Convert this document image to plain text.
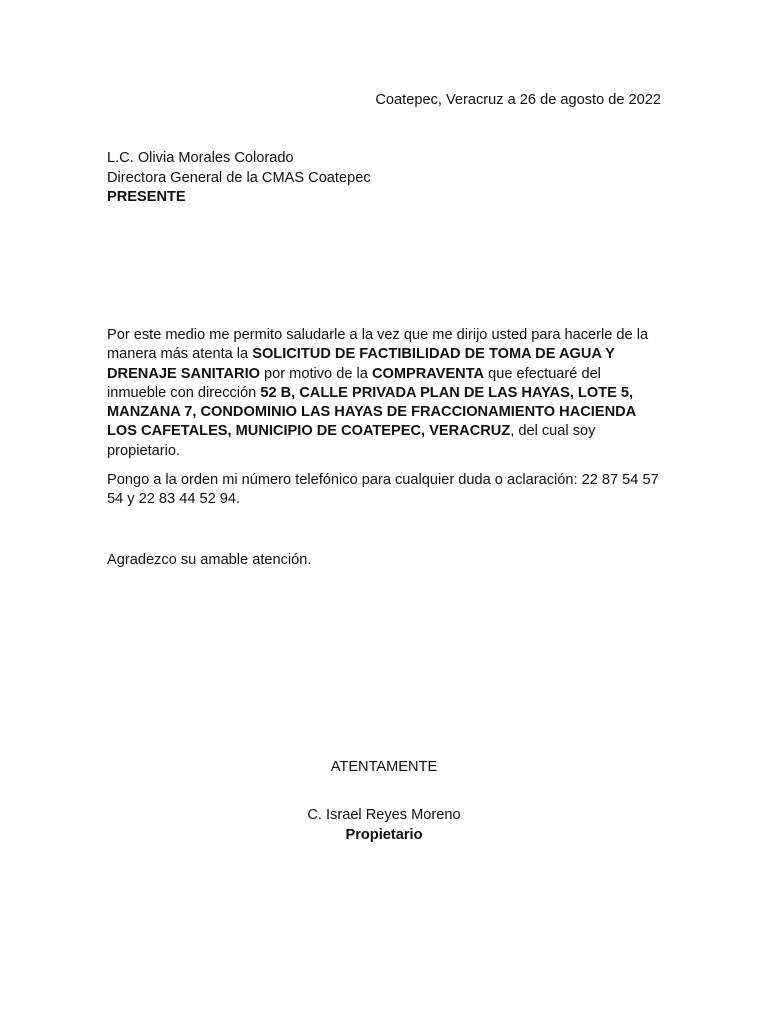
Coatepec, Veracruz a 26 de agosto de 2022
L.C. Olivia Morales Colorado
Directora General de la CMAS Coatepec
PRESENTE

Por este medio me permito saludarle a la vez que me dirijo usted para hacerle de la manera más atenta la SOLICITUD DE FACTIBILIDAD DE TOMA DE AGUA Y DRENAJE SANITARIO por motivo de la COMPRAVENTA que efectuaré del inmueble con dirección 52 B, CALLE PRIVADA PLAN DE LAS HAYAS, LOTE 5, MANZANA 7, CONDOMINIO LAS HAYAS DE FRACCIONAMIENTO HACIENDA LOS CAFETALES, MUNICIPIO DE COATEPEC, VERACRUZ, del cual soy propietario.

Pongo a la orden mi número telefónico para cualquier duda o aclaración: 22 87 54 57 54 y 22 83 44 52 94.

Agradezco su amable atención.
ATENTAMENTE
C. Israel Reyes Moreno
Propietario
